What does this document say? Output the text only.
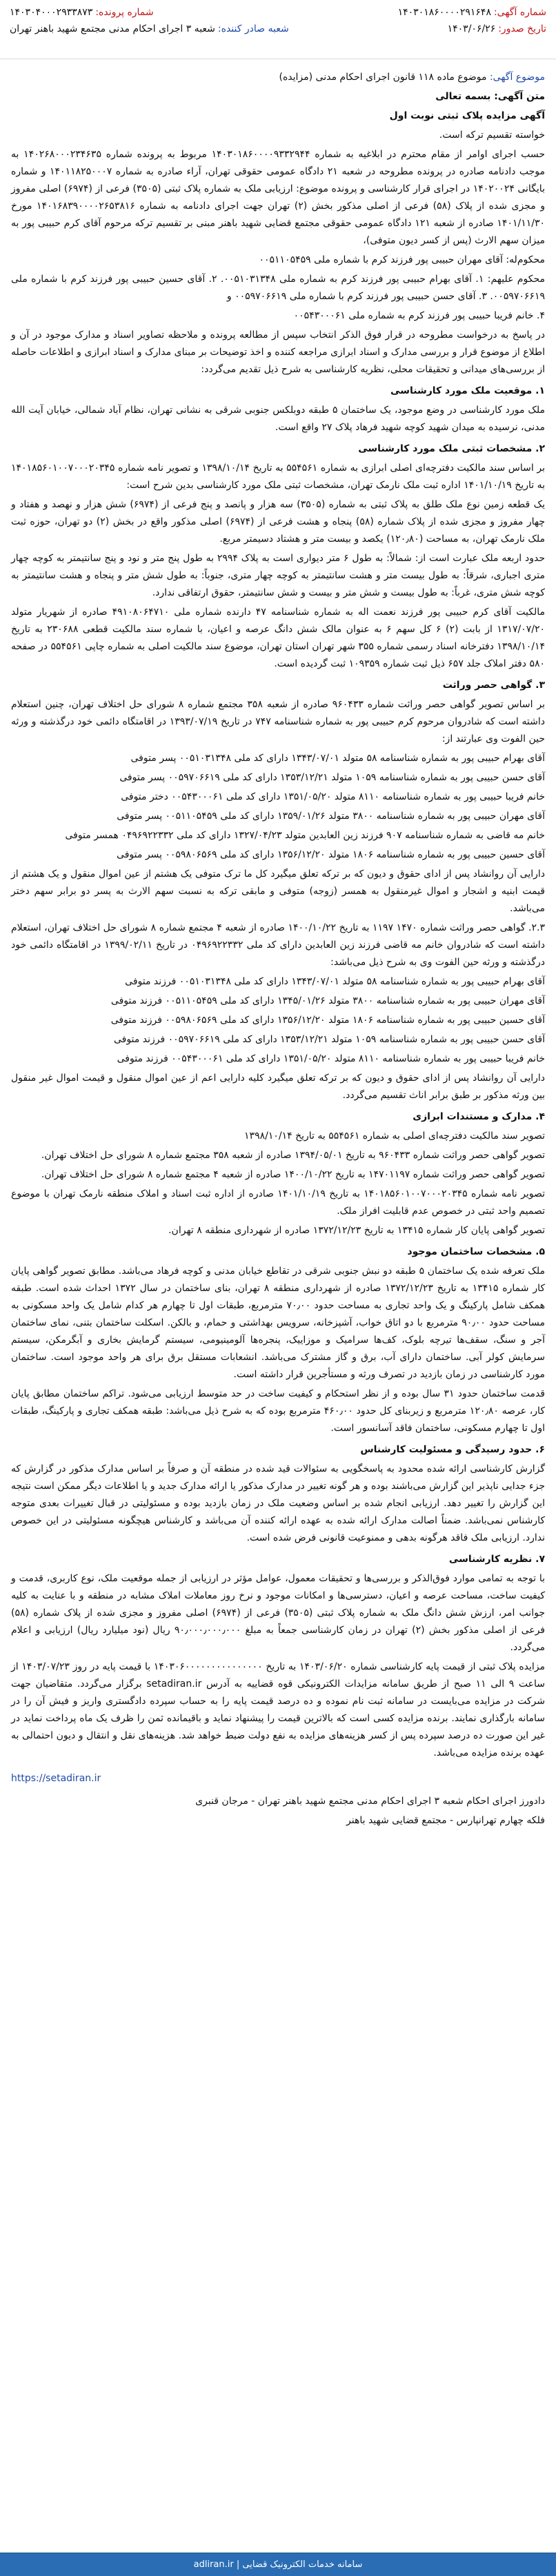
شماره آگهی:
۱۴۰۳۰۱۸۶۰۰۰۰۲۹۱۶۴۸
شماره پرونده:
۱۴۰۳۰۴۰۰۰۲۹۳۳۸۷۳
تاریخ صدور:
۱۴۰۳/۰۶/۲۶
شعبه صادر کننده:
شعبه ۳ اجرای احکام مدنی مجتمع شهید باهنر تهران

موضوع آگهی: موضوع ماده ۱۱۸ قانون اجرای احکام مدنی (مزایده)

متن آگهی: بسمه تعالی

آگهی مزایده پلاک ثبتی نوبت اول

خواسته تقسیم ترکه است.

حسب اجرای اوامر از مقام محترم در ابلاغیه به شماره ۱۴۰۳۰۱۸۶۰۰۰۰۹۳۳۲۹۴۴ مربوط به پرونده شماره ۱۴۰۲۶۸۰۰۰۲۳۴۶۳۵ به موجب دادنامه صادره در پرونده مطروحه در شعبه ۲۱ دادگاه عمومی حقوقی تهران، آراء صادره به شماره ۱۴۰۱۱۸۲۵۰۰۰۷ و شماره بایگانی ۱۴۰۲۰۰۲۴ در اجرای قرار کارشناسی و پرونده موضوع: ارزیابی ملک به شماره پلاک ثبتی (۳۵۰۵) فرعی از (۶۹۷۴) اصلی مفروز و مجزی شده از پلاک (۵۸) فرعی از اصلی مذکور بخش (۲) تهران جهت اجرای دادنامه به شماره ۱۴۰۱۶۸۳۹۰۰۰۰۲۶۵۳۸۱۶ مورخ ۱۴۰۱/۱۱/۳۰ صادره از شعبه ۱۲۱ دادگاه عمومی حقوقی مجتمع قضایی شهید باهنر مبنی بر تقسیم ترکه مرحوم آقای کرم حبیبی پور به میزان سهم الارث (پس از کسر دیون متوفی)،

محکوم‌له: آقای مهران حبیبی پور فرزند کرم با شماره ملی ۰۰۵۱۱۰۵۴۵۹

محکوم علیهم: ۱. آقای بهرام حبیبی پور فرزند کرم به شماره ملی ۰۰۵۱۰۳۱۳۴۸. ۲. آقای حسین حبیبی پور فرزند کرم با شماره ملی ۰۰۵۹۷۰۶۶۱۹. ۳. آقای حسن حبیبی پور فرزند کرم با شماره ملی ۰۰۵۹۷۰۶۶۱۹ و

۴. خانم فریبا حبیبی پور فرزند کرم به شماره ملی ۰۰۵۴۳۰۰۰۶۱

در پاسخ به درخواست مطروحه در قرار فوق الذکر انتخاب سپس از مطالعه پرونده و ملاحظه تصاویر اسناد و مدارک موجود در آن و اطلاع از موضوع قرار و بررسی مدارک و اسناد ابرازی مراجعه کننده و اخذ توضیحات بر مبنای مدارک و اسناد ابرازی و اطلاعات حاصله از بررسی‌های میدانی و تحقیقات محلی، نظریه کارشناسی به شرح ذیل تقدیم می‌گردد:

۱. موقعیت ملک مورد کارشناسی

ملک مورد کارشناسی در وضع موجود، یک ساختمان ۵ طبقه دوبلکس جنوبی شرقی به نشانی تهران، نظام آباد شمالی، خیابان آیت الله مدنی، نرسیده به میدان شهید کوچه شهید فرهاد پلاک ۲۷ واقع است.

۲. مشخصات ثبتی ملک مورد کارشناسی

بر اساس سند مالکیت دفترچه‌ای اصلی ابرازی به شماره ۵۵۴۵۶۱ به تاریخ ۱۳۹۸/۱۰/۱۴ و تصویر نامه شماره ۱۴۰۱۸۵۶۰۱۰۰۷۰۰۰۲۰۳۴۵ به تاریخ ۱۴۰۱/۱۰/۱۹ اداره ثبت ملک نارمک تهران، مشخصات ثبتی ملک مورد کارشناسی بدین شرح است:

یک قطعه زمین نوع ملک طلق به پلاک ثبتی به شماره (۳۵۰۵) سه هزار و پانصد و پنج فرعی از (۶۹۷۴) شش هزار و نهصد و هفتاد و چهار مفروز و مجزی شده از پلاک شماره (۵۸) پنجاه و هشت فرعی از (۶۹۷۴) اصلی مذکور واقع در بخش (۲) دو تهران، حوزه ثبت ملک نارمک تهران، به مساحت (۱۲۰٫۸۰) یکصد و بیست متر و هشتاد دسیمتر مربع.

حدود اربعه ملک عبارت است از: شمالاً: به طول ۶ متر دیواری است به پلاک ۲۹۹۴ به طول پنج متر و نود و پنج سانتیمتر به کوچه چهار متری اجباری، شرقاً: به طول بیست متر و هشت سانتیمتر به کوچه چهار متری، جنوباً: به طول شش متر و پنجاه و هشت سانتیمتر به کوچه شش متری، غرباً: به طول بیست و شش متر و بیست و شش سانتیمتر، حقوق ارتفاقی ندارد.

مالکیت آقای کرم حبیبی پور فرزند نعمت اله به شماره شناسنامه ۴۷ دارنده شماره ملی ۴۹۱۰۸۰۶۴۷۱۰ صادره از شهریار متولد ۱۳۱۷/۰۷/۲۰ از بابت (۲) ۶ کل سهم ۶ به عنوان مالک شش دانگ عرصه و اعیان، با شماره سند مالکیت قطعی ۲۳۰۶۸۸ به تاریخ ۱۳۹۸/۱۰/۱۴ دفترخانه اسناد رسمی شماره ۳۵۵ شهر تهران استان تهران، موضوع سند مالکیت اصلی به شماره چاپی ۵۵۴۵۶۱ در صفحه ۵۸۰ دفتر املاک جلد ۶۵۷ ذیل ثبت شماره ۱۰۹۳۵۹ ثبت گردیده است.

۳. گواهی حصر وراثت

بر اساس تصویر گواهی حصر وراثت شماره ۹۶۰۴۳۳ صادره از شعبه ۳۵۸ مجتمع شماره ۸ شورای حل اختلاف تهران، چنین استعلام داشته است که شادروان مرحوم کرم حبیبی پور به شماره شناسنامه ۷۴۷ در تاریخ ۱۳۹۳/۰۷/۱۹ در اقامتگاه دائمی خود درگذشته و ورثه حین الفوت وی عبارتند از:

آقای بهرام حبیبی پور به شماره شناسنامه ۵۸ متولد ۱۳۴۳/۰۷/۰۱ دارای کد ملی ۰۰۵۱۰۳۱۳۴۸ پسر متوفی

آقای حسن حبیبی پور به شماره شناسنامه ۱۰۵۹ متولد ۱۳۵۳/۱۲/۲۱ دارای کد ملی ۰۰۵۹۷۰۶۶۱۹ پسر متوفی

خانم فریبا حبیبی پور به شماره شناسنامه ۸۱۱۰ متولد ۱۳۵۱/۰۵/۲۰ دارای کد ملی ۰۰۵۴۳۰۰۰۶۱ دختر متوفی

آقای مهران حبیبی پور به شماره شناسنامه ۳۸۰۰ متولد ۱۳۵۹/۰۱/۲۶ دارای کد ملی ۰۰۵۱۱۰۵۴۵۹ پسر متوفی

خانم مه قاضی به شماره شناسنامه ۹۰۷ فرزند زین العابدین متولد ۱۳۲۷/۰۴/۲۳ دارای کد ملی ۰۴۹۶۹۲۲۳۳۲ همسر متوفی

آقای حسین حبیبی پور به شماره شناسنامه ۱۸۰۶ متولد ۱۳۵۶/۱۲/۲۰ دارای کد ملی ۰۰۵۹۸۰۶۵۶۹ پسر متوفی

دارایی آن روانشاد پس از ادای حقوق و دیون که بر ترکه تعلق میگیرد کل ما ترک متوفی یک هشتم از عین اموال منقول و یک هشتم از قیمت ابنیه و اشجار و اموال غیرمنقول به همسر (زوجه) متوفی و مابقی ترکه به نسبت سهم الارث به پسر دو برابر سهم دختر می‌باشد.

۲.۳. گواهی حصر وراثت شماره ۱۴۷۰ ۱۱۹۷ به تاریخ ۱۴۰۰/۱۰/۲۲ صادره از شعبه ۴ مجتمع شماره ۸ شورای حل اختلاف تهران، استعلام داشته است که شادروان خانم مه قاضی فرزند زین العابدین دارای کد ملی ۰۴۹۶۹۲۲۳۳۲ در تاریخ ۱۳۹۹/۰۲/۱۱ در اقامتگاه دائمی خود درگذشته و ورثه حین الفوت وی به شرح ذیل می‌باشد:

آقای بهرام حبیبی پور به شماره شناسنامه ۵۸ متولد ۱۳۴۳/۰۷/۰۱ دارای کد ملی ۰۰۵۱۰۳۱۳۴۸ فرزند متوفی

آقای مهران حبیبی پور به شماره شناسنامه ۳۸۰۰ متولد ۱۳۴۵/۰۱/۲۶ دارای کد ملی ۰۰۵۱۱۰۵۴۵۹ فرزند متوفی

آقای حسین حبیبی پور به شماره شناسنامه ۱۸۰۶ متولد ۱۳۵۶/۱۲/۲۰ دارای کد ملی ۰۰۵۹۸۰۶۵۶۹ فرزند متوفی

آقای حسن حبیبی پور به شماره شناسنامه ۱۰۵۹ متولد ۱۳۵۳/۱۲/۲۱ دارای کد ملی ۰۰۵۹۷۰۶۶۱۹ فرزند متوفی

خانم فریبا حبیبی پور به شماره شناسنامه ۸۱۱۰ متولد ۱۳۵۱/۰۵/۲۰ دارای کد ملی ۰۰۵۴۳۰۰۰۶۱ فرزند متوفی

دارایی آن روانشاد پس از ادای حقوق و دیون که بر ترکه تعلق میگیرد کلیه دارایی اعم از عین اموال منقول و قیمت اموال غیر منقول بین ورثه مذکور بر طبق برابر اناث تقسیم می‌گردد.

۴. مدارک و مستندات ابرازی

تصویر سند مالکیت دفترچه‌ای اصلی به شماره ۵۵۴۵۶۱ به تاریخ ۱۳۹۸/۱۰/۱۴

تصویر گواهی حصر وراثت شماره ۹۶۰۴۳۳ به تاریخ ۱۳۹۴/۰۵/۰۱ صادره از شعبه ۳۵۸ مجتمع شماره ۸ شورای حل اختلاف تهران.

تصویر گواهی حصر وراثت شماره ۱۴۷۰۱۱۹۷ به تاریخ ۱۴۰۰/۱۰/۲۲ صادره از شعبه ۴ مجتمع شماره ۸ شورای حل اختلاف تهران.

تصویر نامه شماره ۱۴۰۱۸۵۶۰۱۰۰۷۰۰۰۲۰۳۴۵ به تاریخ ۱۴۰۱/۱۰/۱۹ صادره از اداره ثبت اسناد و املاک منطقه نارمک تهران با موضوع تصمیم واحد ثبتی در خصوص عدم قابلیت افراز ملک.

تصویر گواهی پایان کار شماره ۱۳۴۱۵ به تاریخ ۱۳۷۲/۱۲/۲۳ صادره از شهرداری منطقه ۸ تهران.

۵. مشخصات ساختمان موجود

ملک تعرفه شده یک ساختمان ۵ طبقه دو نبش جنوبی شرقی در تقاطع خیابان مدنی و کوچه فرهاد می‌باشد. مطابق تصویر گواهی پایان کار شماره ۱۳۴۱۵ به تاریخ ۱۳۷۲/۱۲/۲۳ صادره از شهرداری منطقه ۸ تهران، بنای ساختمان در سال ۱۳۷۲ احداث شده است. طبقه همکف شامل پارکینگ و یک واحد تجاری به مساحت حدود ۷۰٫۰۰ مترمربع، طبقات اول تا چهارم هر کدام شامل یک واحد مسکونی به مساحت حدود ۹۰٫۰۰ مترمربع با دو اتاق خواب، آشپزخانه، سرویس بهداشتی و حمام، و بالکن. اسکلت ساختمان بتنی، نمای ساختمان آجر و سنگ، سقف‌ها تیرچه بلوک، کف‌ها سرامیک و موزاییک، پنجره‌ها آلومینیومی، سیستم گرمایش بخاری و آبگرمکن، سیستم سرمایش کولر آبی. ساختمان دارای آب، برق و گاز مشترک می‌باشد. انشعابات مستقل برق برای هر واحد موجود است. ساختمان مورد کارشناسی در زمان بازدید در تصرف ورثه و مستأجرین قرار داشته است.

قدمت ساختمان حدود ۳۱ سال بوده و از نظر استحکام و کیفیت ساخت در حد متوسط ارزیابی می‌شود. تراکم ساختمان مطابق پایان کار، عرصه ۱۲۰٫۸۰ مترمربع و زیربنای کل حدود ۴۶۰٫۰۰ مترمربع بوده که به شرح ذیل می‌باشد: طبقه همکف تجاری و پارکینگ، طبقات اول تا چهارم مسکونی، ساختمان فاقد آسانسور است.

۶. حدود رسیدگی و مسئولیت کارشناس

گزارش کارشناسی ارائه شده محدود به پاسخگویی به سئوالات قید شده در منطقه آن و صرفاً بر اساس مدارک مذکور در گزارش که جزء جدایی ناپذیر این گزارش می‌باشند بوده و هر گونه تغییر در مدارک مذکور یا ارائه مدارک جدید و یا اطلاعات دیگر ممکن است نتیجه این گزارش را تغییر دهد. ارزیابی انجام شده بر اساس وضعیت ملک در زمان بازدید بوده و مسئولیتی در قبال تغییرات بعدی متوجه کارشناس نمی‌باشد. ضمناً اصالت مدارک ارائه شده به عهده ارائه کننده آن می‌باشد و کارشناس هیچگونه مسئولیتی در این خصوص ندارد. ارزیابی ملک فاقد هرگونه بدهی و ممنوعیت قانونی فرض شده است.

۷. نظریه کارشناسی

با توجه به تمامی موارد فوق‌الذکر و بررسی‌ها و تحقیقات معمول، عوامل مؤثر در ارزیابی از جمله موقعیت ملک، نوع کاربری، قدمت و کیفیت ساخت، مساحت عرصه و اعیان، دسترسی‌ها و امکانات موجود و نرخ روز معاملات املاک مشابه در منطقه و با عنایت به کلیه جوانب امر، ارزش شش دانگ ملک به شماره پلاک ثبتی (۳۵۰۵) فرعی از (۶۹۷۴) اصلی مفروز و مجزی شده از پلاک شماره (۵۸) فرعی از اصلی مذکور بخش (۲) تهران در زمان کارشناسی جمعاً به مبلغ ۹۰٫۰۰۰٫۰۰۰٫۰۰۰ ریال (نود میلیارد ریال) ارزیابی و اعلام می‌گردد.

مزایده پلاک ثبتی از قیمت پایه کارشناسی شماره ۱۴۰۳/۰۶/۲۰ به تاریخ ۱۴۰۳۰۶۰۰۰۰۰۰۰۰۰۰۰۰۰۰۰ با قیمت پایه در روز ۱۴۰۳/۰۷/۲۳ از ساعت ۹ الی ۱۱ صبح از طریق سامانه مزایدات الکترونیکی قوه قضاییه به آدرس setadiran.ir برگزار می‌گردد. متقاضیان جهت شرکت در مزایده می‌بایست در سامانه ثبت نام نموده و ده درصد قیمت پایه را به حساب سپرده دادگستری واریز و فیش آن را در سامانه بارگذاری نمایند. برنده مزایده کسی است که بالاترین قیمت را پیشنهاد نماید و باقیمانده ثمن را ظرف یک ماه پرداخت نماید در غیر این صورت ده درصد سپرده پس از کسر هزینه‌های مزایده به نفع دولت ضبط خواهد شد. هزینه‌های نقل و انتقال و دیون احتمالی به عهده برنده مزایده می‌باشد.

https://setadiran.ir

دادورز اجرای احکام شعبه ۳ اجرای احکام مدنی مجتمع شهید باهنر تهران - مرجان قنبری

فلکه چهارم تهرانپارس - مجتمع قضایی شهید باهنر

سامانه خدمات الکترونیک قضایی | adliran.ir
